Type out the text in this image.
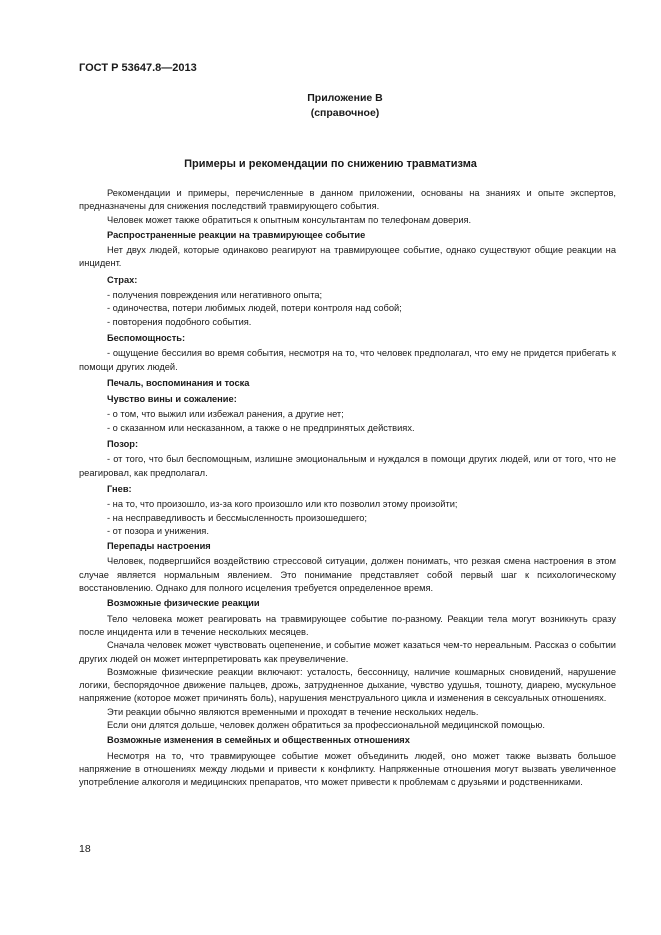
ГОСТ Р 53647.8—2013
Приложение В
(справочное)
Примеры и рекомендации по снижению травматизма

Рекомендации и примеры, перечисленные в данном приложении, основаны на знаниях и опыте экспертов, предназначены для снижения последствий травмирующего события.

Человек может также обратиться к опытным консультантам по телефонам доверия.

Распространенные реакции на травмирующее событие

Нет двух людей, которые одинаково реагируют на травмирующее событие, однако существуют общие реакции на инцидент.

Страх:

- получения повреждения или негативного опыта;

- одиночества, потери любимых людей, потери контроля над собой;

- повторения подобного события.

Беспомощность:

- ощущение бессилия во время события, несмотря на то, что человек предполагал, что ему не придется прибегать к помощи других людей.

Печаль, воспоминания и тоска

Чувство вины и сожаление:

- о том, что выжил или избежал ранения, а другие нет;

- о сказанном или несказанном, а также о не предпринятых действиях.

Позор:

- от того, что был беспомощным, излишне эмоциональным и нуждался в помощи других людей, или от того, что не реагировал, как предполагал.

Гнев:

- на то, что произошло, из-за кого произошло или кто позволил этому произойти;

- на несправедливость и бессмысленность произошедшего;

- от позора и унижения.

Перепады настроения

Человек, подвергшийся воздействию стрессовой ситуации, должен понимать, что резкая смена настроения в этом случае является нормальным явлением. Это понимание представляет собой первый шаг к психологическому восстановлению. Однако для полного исцеления требуется определенное время.

Возможные физические реакции

Тело человека может реагировать на травмирующее событие по-разному. Реакции тела могут возникнуть сразу после инцидента или в течение нескольких месяцев.

Сначала человек может чувствовать оцепенение, и событие может казаться чем-то нереальным. Рассказ о событии других людей он может интерпретировать как преувеличение.

Возможные физические реакции включают: усталость, бессонницу, наличие кошмарных сновидений, нарушение логики, беспорядочное движение пальцев, дрожь, затрудненное дыхание, чувство удушья, тошноту, диарею, мускульное напряжение (которое может причинять боль), нарушения менструального цикла и изменения в сексуальных отношениях.

Эти реакции обычно являются временными и проходят в течение нескольких недель.

Если они длятся дольше, человек должен обратиться за профессиональной медицинской помощью.

Возможные изменения в семейных и общественных отношениях

Несмотря на то, что травмирующее событие может объединить людей, оно может также вызвать большое напряжение в отношениях между людьми и привести к конфликту. Напряженные отношения могут вызвать увеличенное употребление алкоголя и медицинских препаратов, что может привести к проблемам с друзьями и родственниками.

18
